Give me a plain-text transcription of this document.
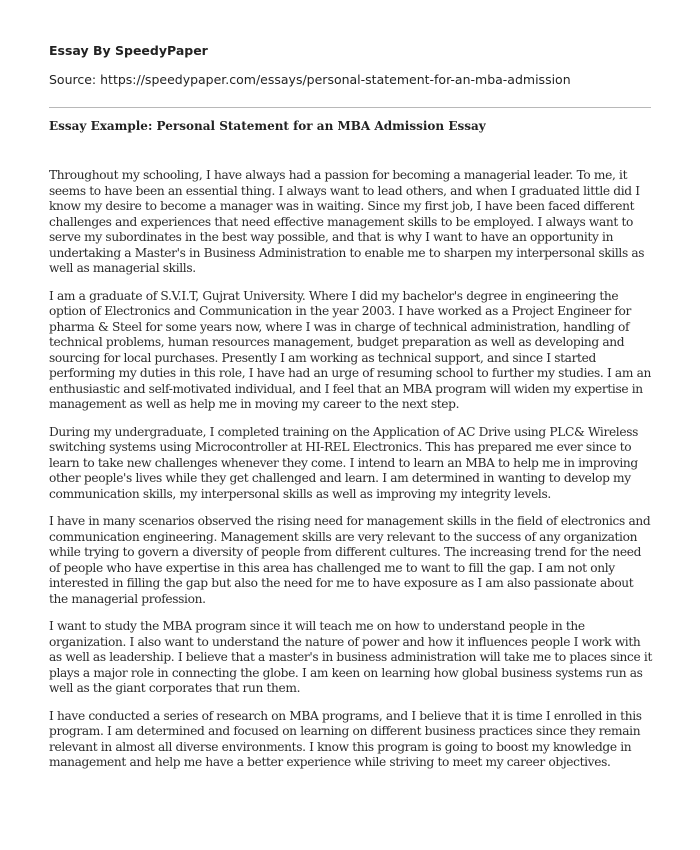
Essay By SpeedyPaper

Source: https://speedypaper.com/essays/personal-statement-for-an-mba-admission

Essay Example: Personal Statement for an MBA Admission Essay

Throughout my schooling, I have always had a passion for becoming a managerial leader. To me, it seems to have been an essential thing. I always want to lead others, and when I graduated little did I know my desire to become a manager was in waiting. Since my first job, I have been faced different challenges and experiences that need effective management skills to be employed. I always want to serve my subordinates in the best way possible, and that is why I want to have an opportunity in undertaking a Master's in Business Administration to enable me to sharpen my interpersonal skills as well as managerial skills.

I am a graduate of S.V.I.T, Gujrat University. Where I did my bachelor's degree in engineering the option of Electronics and Communication in the year 2003. I have worked as a Project Engineer for pharma & Steel for some years now, where I was in charge of technical administration, handling of technical problems, human resources management, budget preparation as well as developing and sourcing for local purchases. Presently I am working as technical support, and since I started performing my duties in this role, I have had an urge of resuming school to further my studies. I am an enthusiastic and self-motivated individual, and I feel that an MBA program will widen my expertise in management as well as help me in moving my career to the next step.

During my undergraduate, I completed training on the Application of AC Drive using PLC& Wireless switching systems using Microcontroller at HI-REL Electronics. This has prepared me ever since to learn to take new challenges whenever they come. I intend to learn an MBA to help me in improving other people's lives while they get challenged and learn. I am determined in wanting to develop my communication skills, my interpersonal skills as well as improving my integrity levels.

I have in many scenarios observed the rising need for management skills in the field of electronics and communication engineering. Management skills are very relevant to the success of any organization while trying to govern a diversity of people from different cultures. The increasing trend for the need of people who have expertise in this area has challenged me to want to fill the gap. I am not only interested in filling the gap but also the need for me to have exposure as I am also passionate about the managerial profession.

I want to study the MBA program since it will teach me on how to understand people in the organization. I also want to understand the nature of power and how it influences people I work with as well as leadership. I believe that a master's in business administration will take me to places since it plays a major role in connecting the globe. I am keen on learning how global business systems run as well as the giant corporates that run them.

I have conducted a series of research on MBA programs, and I believe that it is time I enrolled in this program. I am determined and focused on learning on different business practices since they remain relevant in almost all diverse environments. I know this program is going to boost my knowledge in management and help me have a better experience while striving to meet my career objectives.
